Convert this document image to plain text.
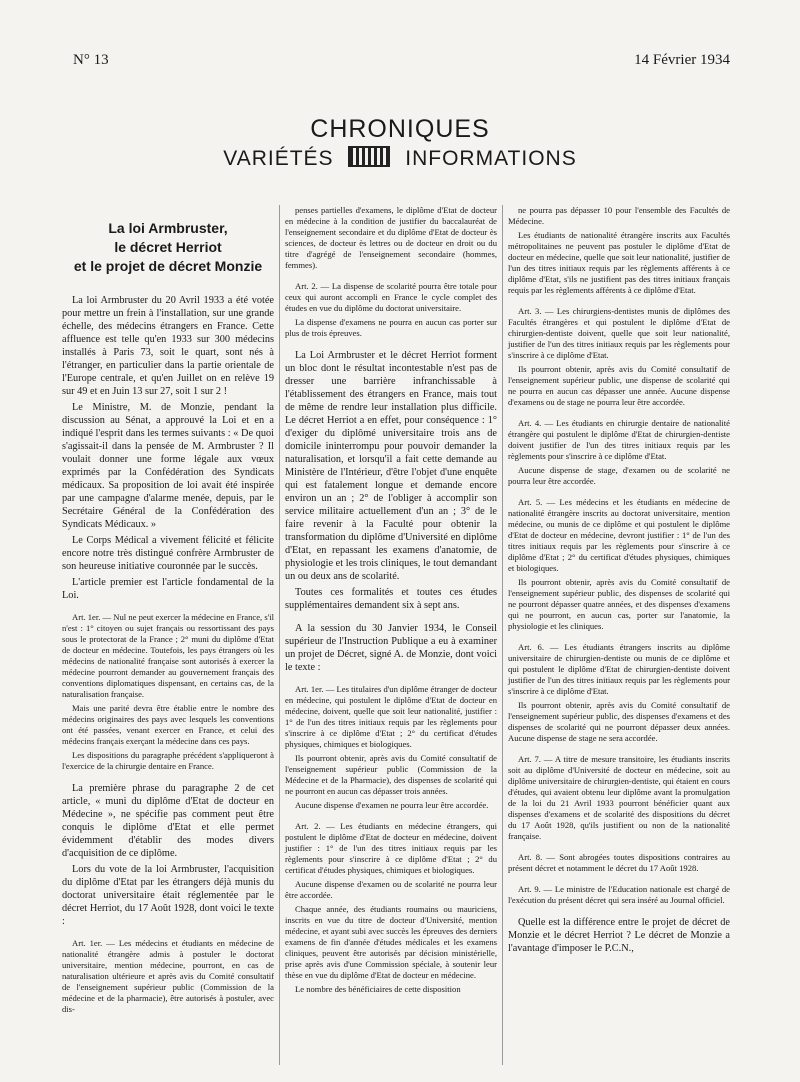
N° 13	14 Février 1934
CHRONIQUES
VARIÉTÉS	INFORMATIONS
La loi Armbruster,
le décret Herriot
et le projet de décret Monzie

La loi Armbruster du 20 Avril 1933 a été votée pour mettre un frein à l'installation, sur une grande échelle, des médecins étrangers en France. Cette affluence est telle qu'en 1933 sur 300 médecins installés à Paris 73, soit le quart, sont nés à l'étranger, en particulier dans la partie orientale de l'Europe centrale, et qu'en Juillet on en relève 19 sur 49 et en Juin 13 sur 27, soit 1 sur 2 !

Le Ministre, M. de Monzie, pendant la discussion au Sénat, a approuvé la Loi et en a indiqué l'esprit dans les termes suivants : « De quoi s'agissait-il dans la pensée de M. Armbruster ? Il voulait donner une forme légale aux vœux exprimés par la Confédération des Syndicats médicaux. Sa proposition de loi avait été inspirée par une campagne d'alarme menée, depuis, par le Secrétaire Général de la Confédération des Syndicats Médicaux. »

Le Corps Médical a vivement félicité et félicite encore notre très distingué confrère Armbruster de son heureuse initiative couronnée par le succès.

L'article premier est l'article fondamental de la Loi.

Art. 1er. — Nul ne peut exercer la médecine en France, s'il n'est : 1° citoyen ou sujet français ou ressortissant des pays sous le protectorat de la France ; 2° muni du diplôme d'Etat de docteur en médecine. Toutefois, les pays étrangers où les médecins de nationalité française sont autorisés à exercer la médecine pourront demander au gouvernement français des conventions diplomatiques dispensant, en certains cas, de la naturalisation française.

Mais une parité devra être établie entre le nombre des médecins originaires des pays avec lesquels les conventions ont été passées, venant exercer en France, et celui des médecins français exerçant la médecine dans ces pays.

Les dispositions du paragraphe précédent s'appliqueront à l'exercice de la chirurgie dentaire en France.

La première phrase du paragraphe 2 de cet article, « muni du diplôme d'Etat de docteur en Médecine », ne spécifie pas comment peut être conquis le diplôme d'Etat et elle permet évidemment d'établir des modes divers d'acquisition de ce diplôme.

Lors du vote de la loi Armbruster, l'acquisition du diplôme d'Etat par les étrangers déjà munis du doctorat universitaire était réglementée par le décret Herriot, du 17 Août 1928, dont voici le texte :

Art. 1er. — Les médecins et étudiants en médecine de nationalité étrangère admis à postuler le doctorat universitaire, mention médecine, pourront, en cas de naturalisation ultérieure et après avis du Comité consultatif de l'enseignement supérieur public (Commission de la médecine et de la pharmacie), être autorisés à postuler, avec dis-

penses partielles d'examens, le diplôme d'Etat de docteur en médecine à la condition de justifier du baccalauréat de l'enseignement secondaire et du diplôme d'Etat de docteur ès sciences, de docteur ès lettres ou de docteur en droit ou du titre d'agrégé de l'enseignement secondaire (hommes, femmes).

Art. 2. — La dispense de scolarité pourra être totale pour ceux qui auront accompli en France le cycle complet des études en vue du diplôme du doctorat universitaire.

La dispense d'examens ne pourra en aucun cas porter sur plus de trois épreuves.

La Loi Armbruster et le décret Herriot forment un bloc dont le résultat incontestable n'est pas de dresser une barrière infranchissable à l'établissement des étrangers en France, mais tout de même de rendre leur installation plus difficile. Le décret Herriot a en effet, pour conséquence : 1° d'exiger du diplômé universitaire trois ans de domicile ininterrompu pour pouvoir demander la naturalisation, et lorsqu'il a fait cette demande au Ministère de l'Intérieur, d'être l'objet d'une enquête qui est fatalement longue et demande encore environ un an ; 2° de l'obliger à accomplir son service militaire actuellement d'un an ; 3° de le faire revenir à la Faculté pour obtenir la transformation du diplôme d'Université en diplôme d'Etat, en repassant les examens d'anatomie, de physiologie et les trois cliniques, le tout demandant un ou deux ans de scolarité.

Toutes ces formalités et toutes ces études supplémentaires demandent six à sept ans.

A la session du 30 Janvier 1934, le Conseil supérieur de l'Instruction Publique a eu à examiner un projet de Décret, signé A. de Monzie, dont voici le texte :

Art. 1er. — Les titulaires d'un diplôme étranger de docteur en médecine, qui postulent le diplôme d'Etat de docteur en médecine, doivent, quelle que soit leur nationalité, justifier : 1° de l'un des titres initiaux requis par les règlements pour s'inscrire à ce diplôme d'Etat ; 2° du certificat d'études physiques, chimiques et biologiques.

Ils pourront obtenir, après avis du Comité consultatif de l'enseignement supérieur public (Commission de la Médecine et de la Pharmacie), des dispenses de scolarité qui ne pourront en aucun cas dépasser trois années.

Aucune dispense d'examen ne pourra leur être accordée.

Art. 2. — Les étudiants en médecine étrangers, qui postulent le diplôme d'Etat de docteur en médecine, doivent justifier : 1° de l'un des titres initiaux requis par les règlements pour s'inscrire à ce diplôme d'Etat ; 2° du certificat d'études physiques, chimiques et biologiques.

Aucune dispense d'examen ou de scolarité ne pourra leur être accordée.

Chaque année, des étudiants roumains ou mauriciens, inscrits en vue du titre de docteur d'Université, mention médecine, et ayant subi avec succès les épreuves des derniers examens de fin d'année d'études médicales et les examens cliniques, peuvent être autorisés par décision ministérielle, prise après avis d'une Commission spéciale, à soutenir leur thèse en vue du diplôme d'Etat de docteur en médecine.

Le nombre des bénéficiaires de cette disposition

ne pourra pas dépasser 10 pour l'ensemble des Facultés de Médecine.

Les étudiants de nationalité étrangère inscrits aux Facultés métropolitaines ne peuvent pas postuler le diplôme d'Etat de docteur en médecine, quelle que soit leur nationalité, justifier de l'un des titres initiaux requis par les règlements afférents à ce diplôme d'Etat, s'ils ne justifient pas des titres initiaux français requis par les règlements afférents à ce diplôme d'Etat.

Art. 3. — Les chirurgiens-dentistes munis de diplômes des Facultés étrangères et qui postulent le diplôme d'Etat de chirurgien-dentiste doivent, quelle que soit leur nationalité, justifier de l'un des titres initiaux requis par les règlements pour s'inscrire à ce diplôme d'Etat.

Ils pourront obtenir, après avis du Comité consultatif de l'enseignement supérieur public, une dispense de scolarité qui ne pourra en aucun cas dépasser une année. Aucune dispense d'examens ou de stage ne pourra leur être accordée.

Art. 4. — Les étudiants en chirurgie dentaire de nationalité étrangère qui postulent le diplôme d'Etat de chirurgien-dentiste doivent justifier de l'un des titres initiaux requis par les règlements pour s'inscrire à ce diplôme d'Etat.

Aucune dispense de stage, d'examen ou de scolarité ne pourra leur être accordée.

Art. 5. — Les médecins et les étudiants en médecine de nationalité étrangère inscrits au doctorat universitaire, mention médecine, ou munis de ce diplôme et qui postulent le diplôme d'Etat de docteur en médecine, devront justifier : 1° de l'un des titres initiaux requis par les règlements pour s'inscrire à ce diplôme d'Etat ; 2° du certificat d'études physiques, chimiques et biologiques.

Ils pourront obtenir, après avis du Comité consultatif de l'enseignement supérieur public, des dispenses de scolarité qui ne pourront dépasser quatre années, et des dispenses d'examens qui ne pourront, en aucun cas, porter sur l'anatomie, la physiologie et les cliniques.

Art. 6. — Les étudiants étrangers inscrits au diplôme universitaire de chirurgien-dentiste ou munis de ce diplôme et qui postulent le diplôme d'Etat de chirurgien-dentiste doivent justifier de l'un des titres initiaux requis par les règlements pour s'inscrire à ce diplôme d'Etat.

Ils pourront obtenir, après avis du Comité consultatif de l'enseignement supérieur public, des dispenses d'examens et des dispenses de scolarité qui ne pourront dépasser deux années. Aucune dispense de stage ne sera accordée.

Art. 7. — A titre de mesure transitoire, les étudiants inscrits soit au diplôme d'Université de docteur en médecine, soit au diplôme universitaire de chirurgien-dentiste, qui étaient en cours d'études, qui avaient obtenu leur diplôme avant la promulgation de la loi du 21 Avril 1933 pourront bénéficier quant aux dispenses d'examens et de scolarité des dispositions du décret du 17 Août 1928, qu'ils justifient ou non de la nationalité française.

Art. 8. — Sont abrogées toutes dispositions contraires au présent décret et notamment le décret du 17 Août 1928.

Art. 9. — Le ministre de l'Education nationale est chargé de l'exécution du présent décret qui sera inséré au Journal officiel.

Quelle est la différence entre le projet de décret de Monzie et le décret Herriot ? Le décret de Monzie a l'avantage d'imposer le P.C.N.,
